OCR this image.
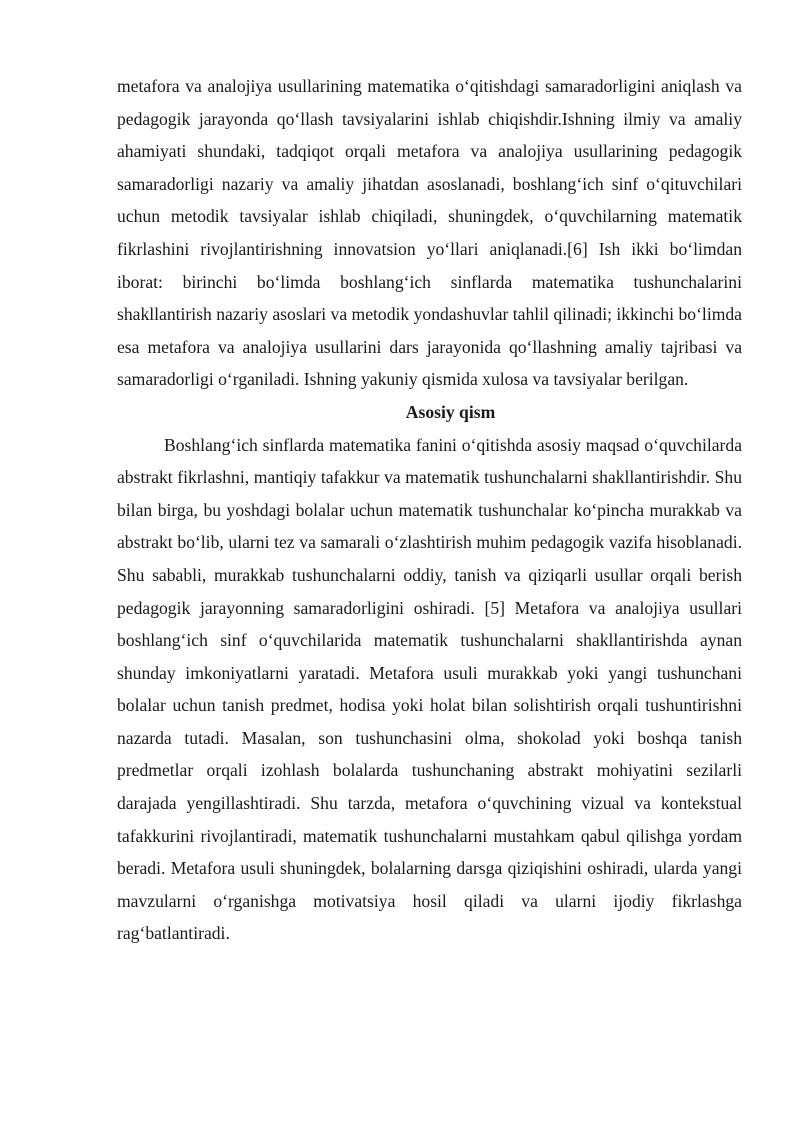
metafora va analojiya usullarining matematika o‘qitishdagi samaradorligini aniqlash va pedagogik jarayonda qo‘llash tavsiyalarini ishlab chiqishdir.Ishning ilmiy va amaliy ahamiyati shundaki, tadqiqot orqali metafora va analojiya usullarining pedagogik samaradorligi nazariy va amaliy jihatdan asoslanadi, boshlang‘ich sinf o‘qituvchilari uchun metodik tavsiyalar ishlab chiqiladi, shuningdek, o‘quvchilarning matematik fikrlashini rivojlantirishning innovatsion yo‘llari aniqlanadi.[6] Ish ikki bo‘limdan iborat: birinchi bo‘limda boshlang‘ich sinflarda matematika tushunchalarini shakllantirish nazariy asoslari va metodik yondashuvlar tahlil qilinadi; ikkinchi bo‘limda esa metafora va analojiya usullarini dars jarayonida qo‘llashning amaliy tajribasi va samaradorligi o‘rganiladi. Ishning yakuniy qismida xulosa va tavsiyalar berilgan.

Asosiy qism

Boshlang‘ich sinflarda matematika fanini o‘qitishda asosiy maqsad o‘quvchilarda abstrakt fikrlashni, mantiqiy tafakkur va matematik tushunchalarni shakllantirishdir. Shu bilan birga, bu yoshdagi bolalar uchun matematik tushunchalar ko‘pincha murakkab va abstrakt bo‘lib, ularni tez va samarali o‘zlashtirish muhim pedagogik vazifa hisoblanadi. Shu sababli, murakkab tushunchalarni oddiy, tanish va qiziqarli usullar orqali berish pedagogik jarayonning samaradorligini oshiradi. [5] Metafora va analojiya usullari boshlang‘ich sinf o‘quvchilarida matematik tushunchalarni shakllantirishda aynan shunday imkoniyatlarni yaratadi. Metafora usuli murakkab yoki yangi tushunchani bolalar uchun tanish predmet, hodisa yoki holat bilan solishtirish orqali tushuntirishni nazarda tutadi. Masalan, son tushunchasini olma, shokolad yoki boshqa tanish predmetlar orqali izohlash bolalarda tushunchaning abstrakt mohiyatini sezilarli darajada yengillashtiradi. Shu tarzda, metafora o‘quvchining vizual va kontekstual tafakkurini rivojlantiradi, matematik tushunchalarni mustahkam qabul qilishga yordam beradi. Metafora usuli shuningdek, bolalarning darsga qiziqishini oshiradi, ularda yangi mavzularni o‘rganishga motivatsiya hosil qiladi va ularni ijodiy fikrlashga rag‘batlantiradi.
